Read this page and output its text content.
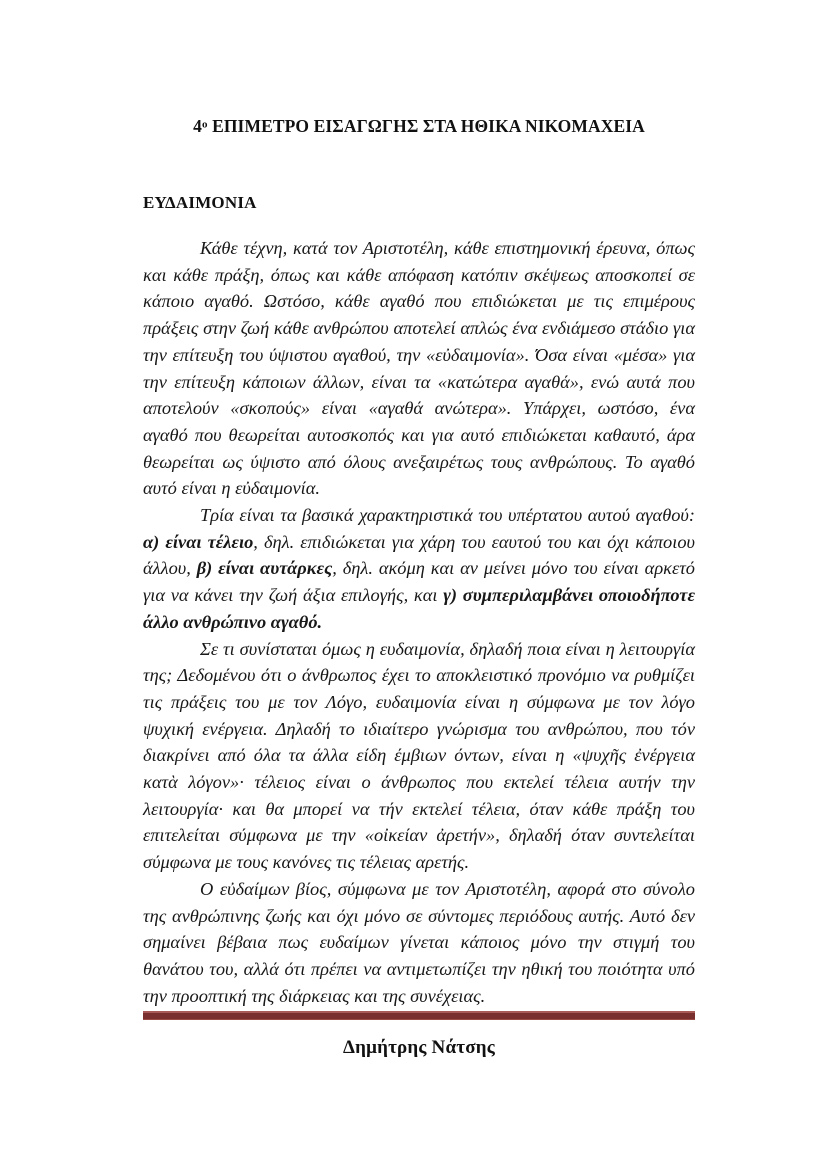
$4^o$ ΕΠΙΜΕΤΡΟ ΕΙΣΑΓΩΓΗΣ ΣΤΑ ΗΘΙΚΑ ΝΙΚΟΜΑΧΕΙΑ
ΕΥΔΑΙΜΟΝΙΑ

Κάθε τέχνη, κατά τον Αριστοτέλη, κάθε επιστημονική έρευνα, όπως και κάθε πράξη, όπως και κάθε απόφαση κατόπιν σκέψεως αποσκοπεί σε κάποιο αγαθό. Ωστόσο, κάθε αγαθό που επιδιώκεται με τις επιμέρους πράξεις στην ζωή κάθε ανθρώπου αποτελεί απλώς ένα ενδιάμεσο στάδιο για την επίτευξη του ύψιστου αγαθού, την «εὐδαιμονία». Όσα είναι «μέσα» για την επίτευξη κάποιων άλλων, είναι τα «κατώτερα αγαθά», ενώ αυτά που αποτελούν «σκοπούς» είναι «αγαθά ανώτερα». Υπάρχει, ωστόσο, ένα αγαθό που θεωρείται αυτοσκοπός και για αυτό επιδιώκεται καθαυτό, άρα θεωρείται ως ύψιστο από όλους ανεξαιρέτως τους ανθρώπους. Το αγαθό αυτό είναι η εὐδαιμονία.

Τρία είναι τα βασικά χαρακτηριστικά του υπέρτατου αυτού αγαθού: α) είναι τέλειο, δηλ. επιδιώκεται για χάρη του εαυτού του και όχι κάποιου άλλου, β) είναι αυτάρκες, δηλ. ακόμη και αν μείνει μόνο του είναι αρκετό για να κάνει την ζωή άξια επιλογής, και γ) συμπεριλαμβάνει οποιοδήποτε άλλο ανθρώπινο αγαθό.

Σε τι συνίσταται όμως η ευδαιμονία, δηλαδή ποια είναι η λειτουργία της; Δεδομένου ότι ο άνθρωπος έχει το αποκλειστικό προνόμιο να ρυθμίζει τις πράξεις του με τον Λόγο, ευδαιμονία είναι η σύμφωνα με τον λόγο ψυχική ενέργεια. Δηλαδή το ιδιαίτερο γνώρισμα του ανθρώπου, που τόν διακρίνει από όλα τα άλλα είδη έμβιων όντων, είναι η «ψυχῆς ἐνέργεια κατὰ λόγον»· τέλειος είναι ο άνθρωπος που εκτελεί τέλεια αυτήν την λειτουργία· και θα μπορεί να τήν εκτελεί τέλεια, όταν κάθε πράξη του επιτελείται σύμφωνα με την «οἰκείαν ἀρετήν», δηλαδή όταν συντελείται σύμφωνα με τους κανόνες τις τέλειας αρετής.

Ο εὐδαίμων βίος, σύμφωνα με τον Αριστοτέλη, αφορά στο σύνολο της ανθρώπινης ζωής και όχι μόνο σε σύντομες περιόδους αυτής. Αυτό δεν σημαίνει βέβαια πως ευδαίμων γίνεται κάποιος μόνο την στιγμή του θανάτου του, αλλά ότι πρέπει να αντιμετωπίζει την ηθική του ποιότητα υπό την προοπτική της διάρκειας και της συνέχειας.

Δημήτρης Νάτσης
